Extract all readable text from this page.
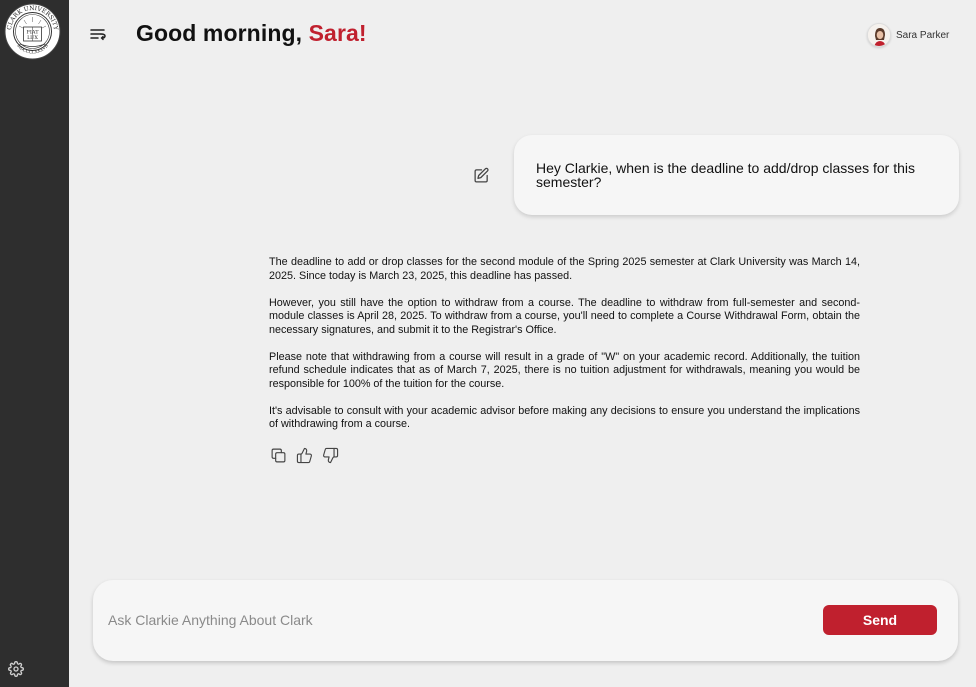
CLARK UNIVERSITY
MDCCCLXXXVII
FIAT
LUX	Good morning, Sara!	Sara Parker
Hey Clarkie, when is the deadline to add/drop classes for this semester?

The deadline to add or drop classes for the second module of the Spring 2025 semester at Clark University was March 14, 2025. Since today is March 23, 2025, this deadline has passed.

However, you still have the option to withdraw from a course. The deadline to withdraw from full-semester and second-module classes is April 28, 2025. To withdraw from a course, you'll need to complete a Course Withdrawal Form, obtain the necessary signatures, and submit it to the Registrar's Office.

Please note that withdrawing from a course will result in a grade of "W" on your academic record. Additionally, the tuition refund schedule indicates that as of March 7, 2025, there is no tuition adjustment for withdrawals, meaning you would be responsible for 100% of the tuition for the course.

It's advisable to consult with your academic advisor before making any decisions to ensure you understand the implications of withdrawing from a course.

Ask Clarkie Anything About Clark
Send
